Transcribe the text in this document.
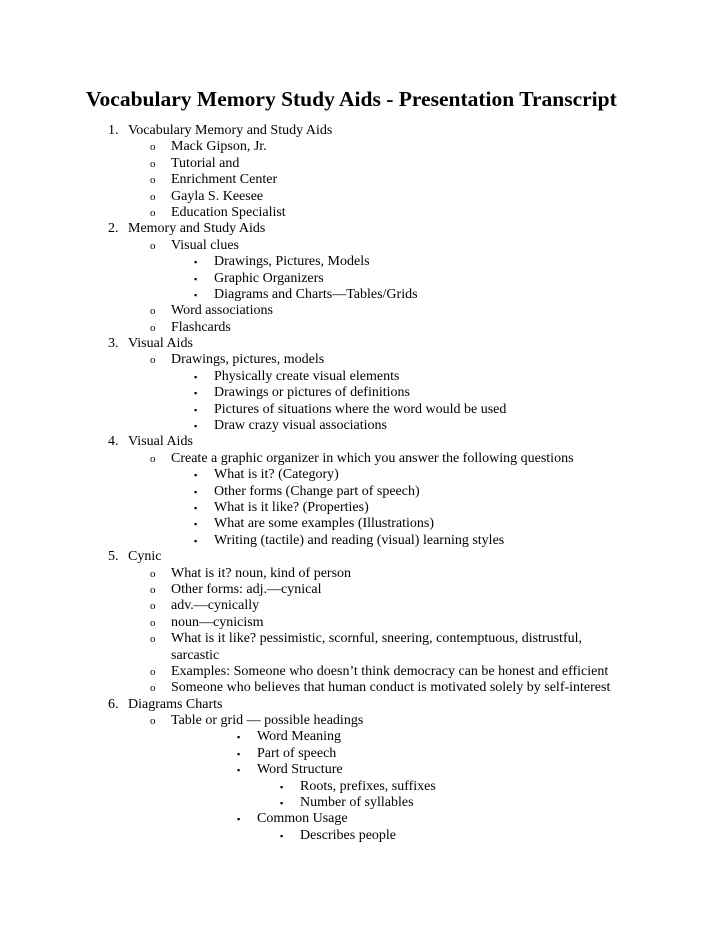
Vocabulary Memory Study Aids - Presentation Transcript
1. Vocabulary Memory and Study Aids
o Mack Gipson, Jr.
o Tutorial and
o Enrichment Center
o Gayla S. Keesee
o Education Specialist
2. Memory and Study Aids
o Visual clues
▪ Drawings, Pictures, Models
▪ Graphic Organizers
▪ Diagrams and Charts—Tables/Grids
o Word associations
o Flashcards
3. Visual Aids
o Drawings, pictures, models
▪ Physically create visual elements
▪ Drawings or pictures of definitions
▪ Pictures of situations where the word would be used
▪ Draw crazy visual associations
4. Visual Aids
o Create a graphic organizer in which you answer the following questions
▪ What is it? (Category)
▪ Other forms (Change part of speech)
▪ What is it like? (Properties)
▪ What are some examples (Illustrations)
▪ Writing (tactile) and reading (visual) learning styles
5. Cynic
o What is it? noun, kind of person
o Other forms: adj.—cynical
o adv.—cynically
o noun—cynicism
o What is it like? pessimistic, scornful, sneering, contemptuous, distrustful,
sarcastic
o Examples: Someone who doesn’t think democracy can be honest and efficient
o Someone who believes that human conduct is motivated solely by self-interest
6. Diagrams Charts
o Table or grid — possible headings
▪ Word Meaning
▪ Part of speech
▪ Word Structure
▪ Roots, prefixes, suffixes
▪ Number of syllables
▪ Common Usage
▪ Describes people
